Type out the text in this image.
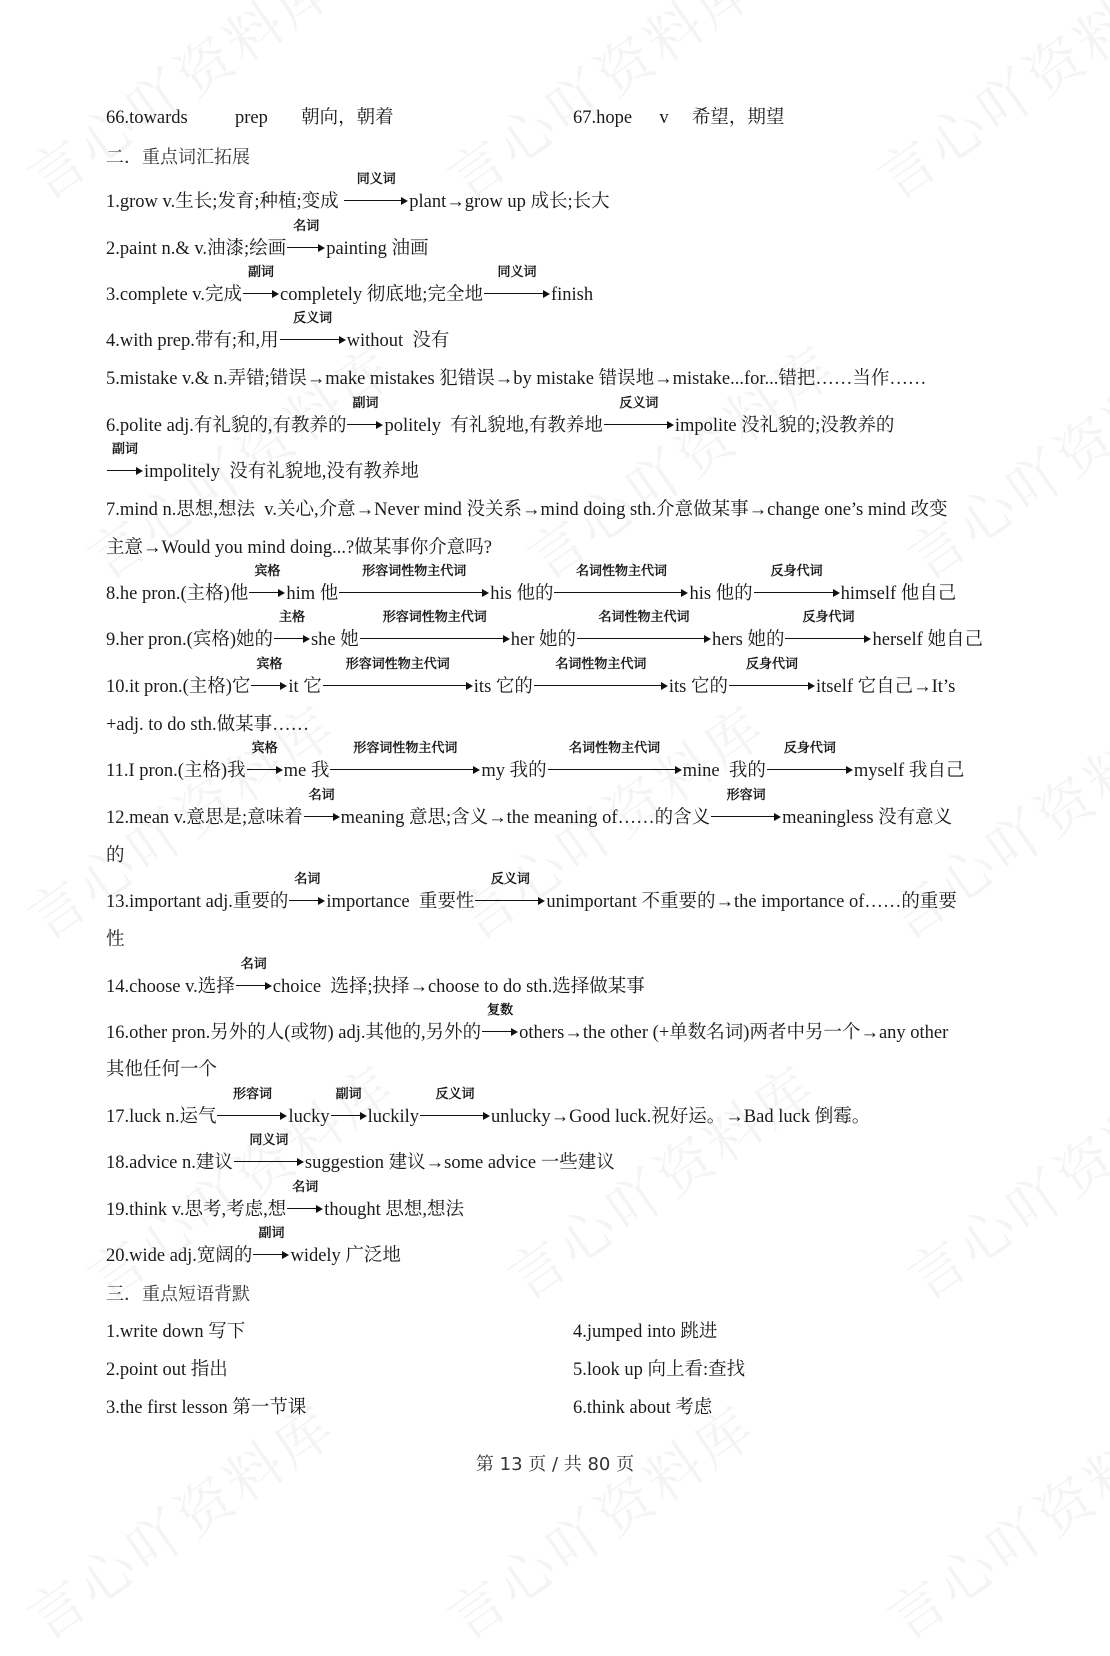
66.towards	prep 朝向，朝着	67.hope v 希望，期望
二．重点词汇拓展
1.grow v.生长;发育;种植;变成
同义词
plant→grow up 成长;长大
2.paint n.& v.油漆;绘画
名词
painting 油画
3.complete v.完成
副词
completely 彻底地;完全地
同义词
finish
4.with prep.带有;和,用
反义词
without  没有
5.mistake v.& n.弄错;错误→make mistakes 犯错误→by mistake 错误地→mistake...for...错把……当作……
6.polite adj.有礼貌的,有教养的
副词
politely  有礼貌地,有教养地
反义词
impolite 没礼貌的;没教养的
副词
impolitely  没有礼貌地,没有教养地
7.mind n.思想,想法  v.关心,介意→Never mind 没关系→mind doing sth.介意做某事→change one’s mind 改变
主意→Would you mind doing...?做某事你介意吗?
8.he pron.(主格)他
宾格
him 他
形容词性物主代词
his 他的
名词性物主代词
his 他的
反身代词
himself 他自己
9.her pron.(宾格)她的
主格
she 她
形容词性物主代词
her 她的
名词性物主代词
hers 她的
反身代词
herself 她自己
10.it pron.(主格)它
宾格
it 它
形容词性物主代词
its 它的
名词性物主代词
its 它的
反身代词
itself 它自己→It’s
+adj. to do sth.做某事……
11.I pron.(主格)我
宾格
me 我
形容词性物主代词
my 我的
名词性物主代词
mine  我的
反身代词
myself 我自己
12.mean v.意思是;意味着
名词
meaning 意思;含义→the meaning of……的含义
形容词
meaningless 没有意义
的
13.important adj.重要的
名词
importance  重要性
反义词
unimportant 不重要的→the importance of……的重要
性
14.choose v.选择
名词
choice  选择;抉择→choose to do sth.选择做某事
16.other pron.另外的人(或物) adj.其他的,另外的
复数
others→the other (+单数名词)两者中另一个→any other
其他任何一个
17.luck n.运气
形容词
lucky
副词
luckily
反义词
unlucky→Good luck.祝好运。→Bad luck 倒霉。
18.advice n.建议
同义词
suggestion 建议→some advice 一些建议
19.think v.思考,考虑,想
名词
thought 思想,想法
20.wide adj.宽阔的
副词
widely 广泛地
三．重点短语背默
1.write down 写下	4.jumped into 跳进
2.point out 指出	5.look up 向上看:查找
3.the first lesson 第一节课	6.think about 考虑
第 13 页 / 共 80 页
